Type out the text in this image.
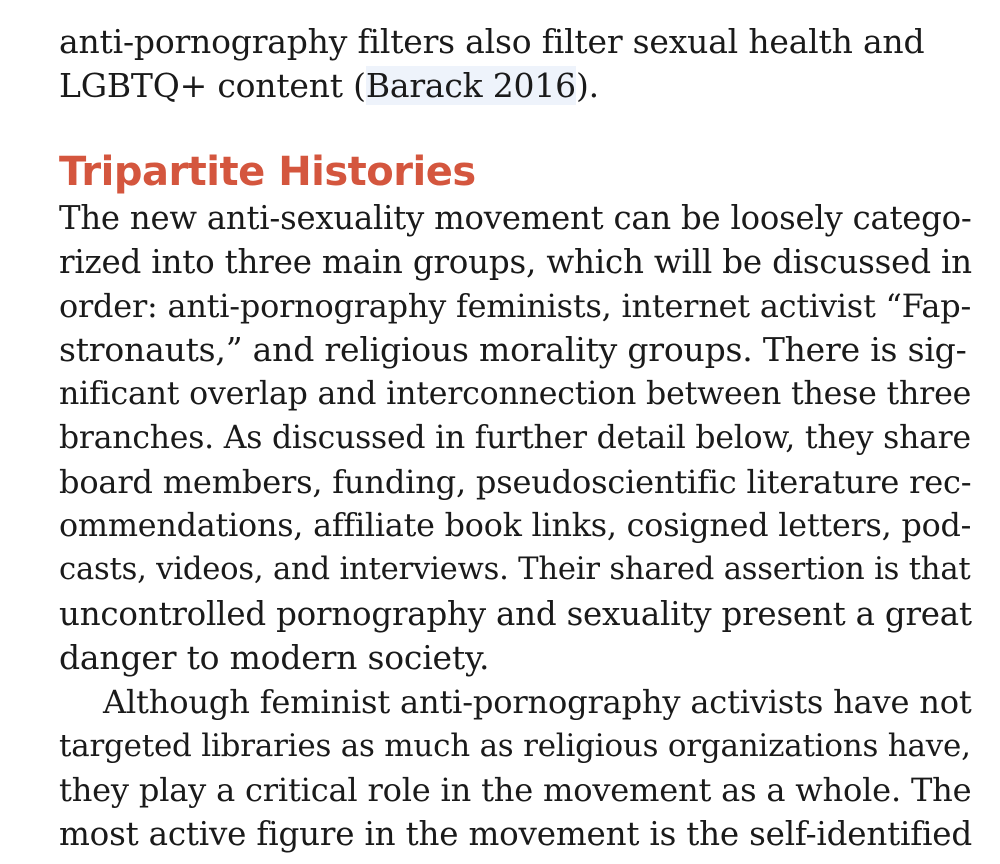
anti-pornography filters also filter sexual health and
LGBTQ+ content (Barack 2016).
Tripartite Histories
The new anti-sexuality movement can be loosely catego-
rized into three main groups, which will be discussed in
order: anti-pornography feminists, internet activist “Fap-
stronauts,” and religious morality groups. There is sig-
nificant overlap and interconnection between these three
branches. As discussed in further detail below, they share
board members, funding, pseudoscientific literature rec-
ommendations, affiliate book links, cosigned letters, pod-
casts, videos, and interviews. Their shared assertion is that
uncontrolled pornography and sexuality present a great
danger to modern society.
Although feminist anti-pornography activists have not
targeted libraries as much as religious organizations have,
they play a critical role in the movement as a whole. The
most active figure in the movement is the self-identified
